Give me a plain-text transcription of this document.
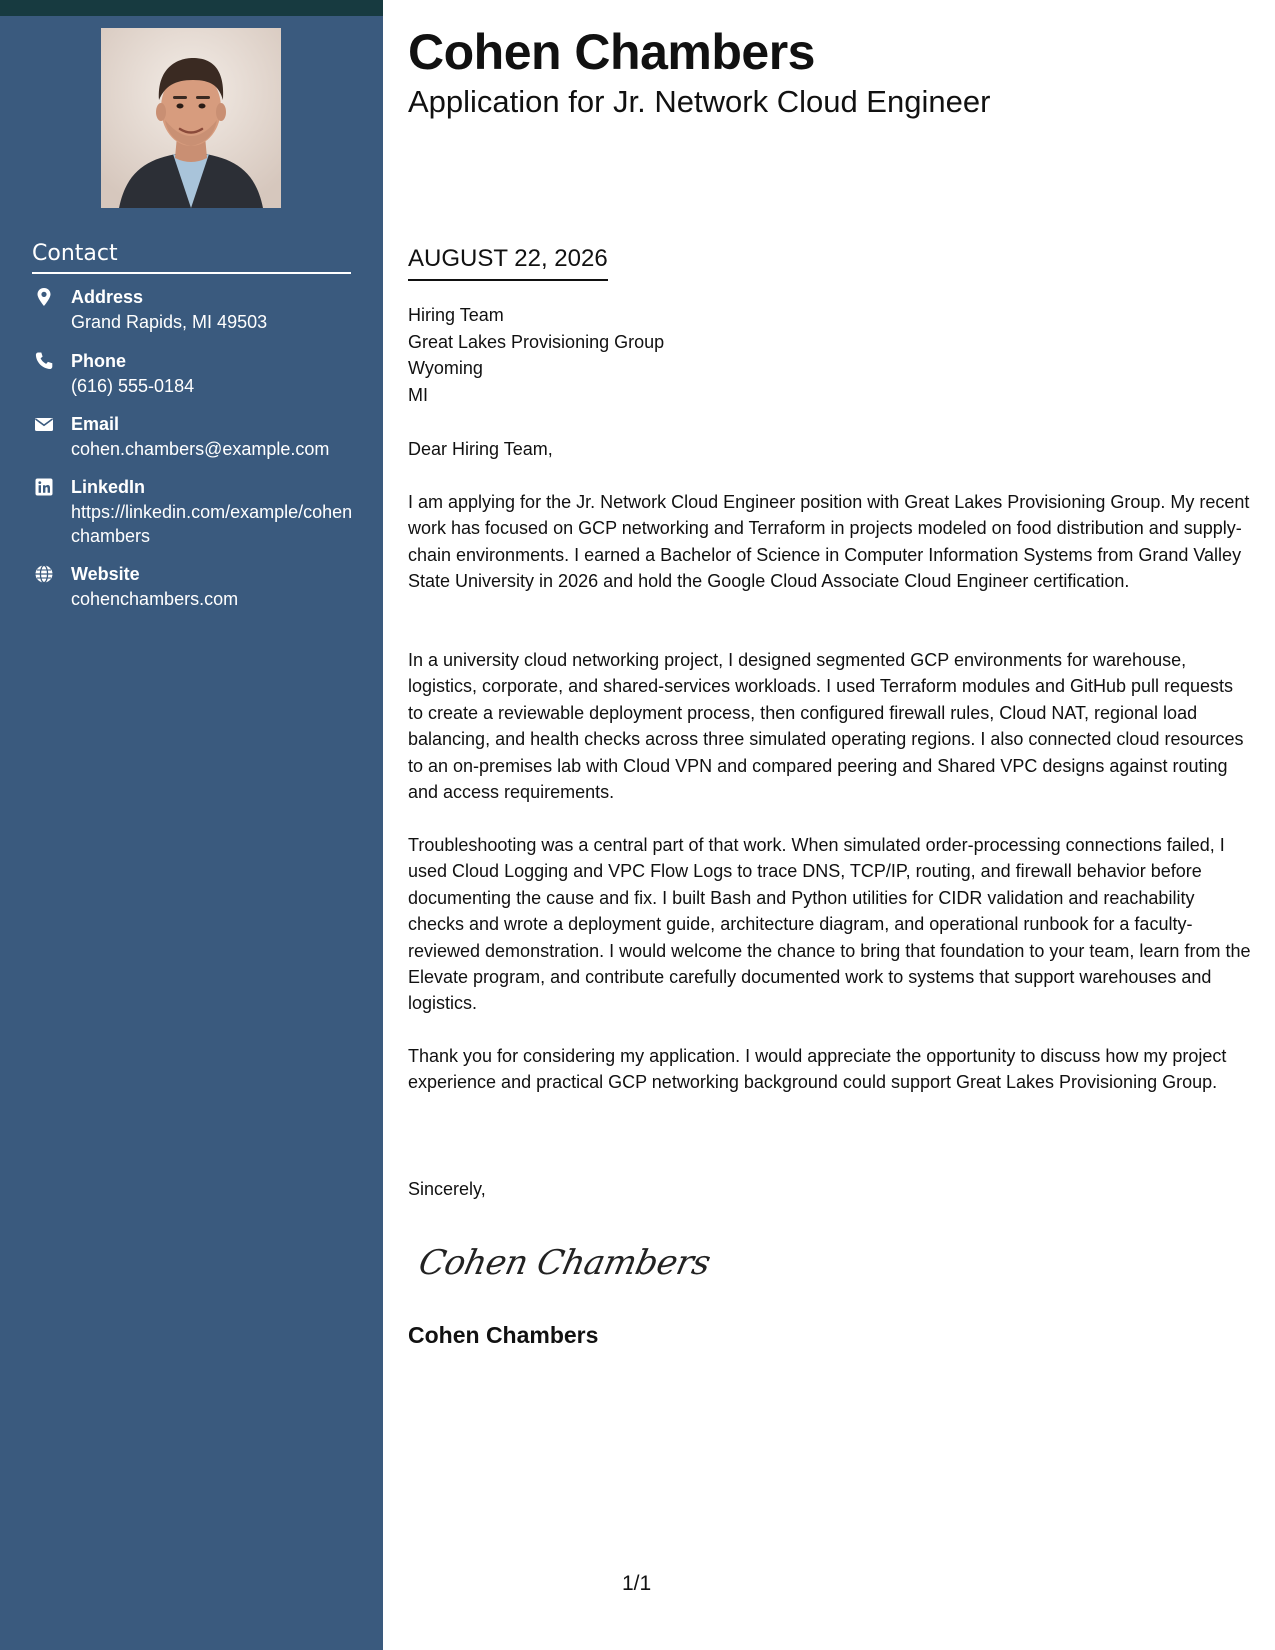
Contact
Address
Grand Rapids, MI 49503
Phone
(616) 555-0184
Email
cohen.chambers@example.com
LinkedIn
https://linkedin.com/example/cohenchambers
Website
cohenchambers.com
Cohen Chambers
Application for Jr. Network Cloud Engineer
AUGUST 22, 2026
Hiring Team
Great Lakes Provisioning Group
Wyoming
MI
Dear Hiring Team,

I am applying for the Jr. Network Cloud Engineer position with Great Lakes Provisioning Group. My recent work has focused on GCP networking and Terraform in projects modeled on food distribution and supply-chain environments. I earned a Bachelor of Science in Computer Information Systems from Grand Valley State University in 2026 and hold the Google Cloud Associate Cloud Engineer certification.

In a university cloud networking project, I designed segmented GCP environments for warehouse, logistics, corporate, and shared-services workloads. I used Terraform modules and GitHub pull requests to create a reviewable deployment process, then configured firewall rules, Cloud NAT, regional load balancing, and health checks across three simulated operating regions. I also connected cloud resources to an on-premises lab with Cloud VPN and compared peering and Shared VPC designs against routing and access requirements.

Troubleshooting was a central part of that work. When simulated order-processing connections failed, I used Cloud Logging and VPC Flow Logs to trace DNS, TCP/IP, routing, and firewall behavior before documenting the cause and fix. I built Bash and Python utilities for CIDR validation and reachability checks and wrote a deployment guide, architecture diagram, and operational runbook for a faculty-reviewed demonstration. I would welcome the chance to bring that foundation to your team, learn from the Elevate program, and contribute carefully documented work to systems that support warehouses and logistics.

Thank you for considering my application. I would appreciate the opportunity to discuss how my project experience and practical GCP networking background could support Great Lakes Provisioning Group.

Sincerely,
Cohen Chambers
Cohen Chambers
1/1
